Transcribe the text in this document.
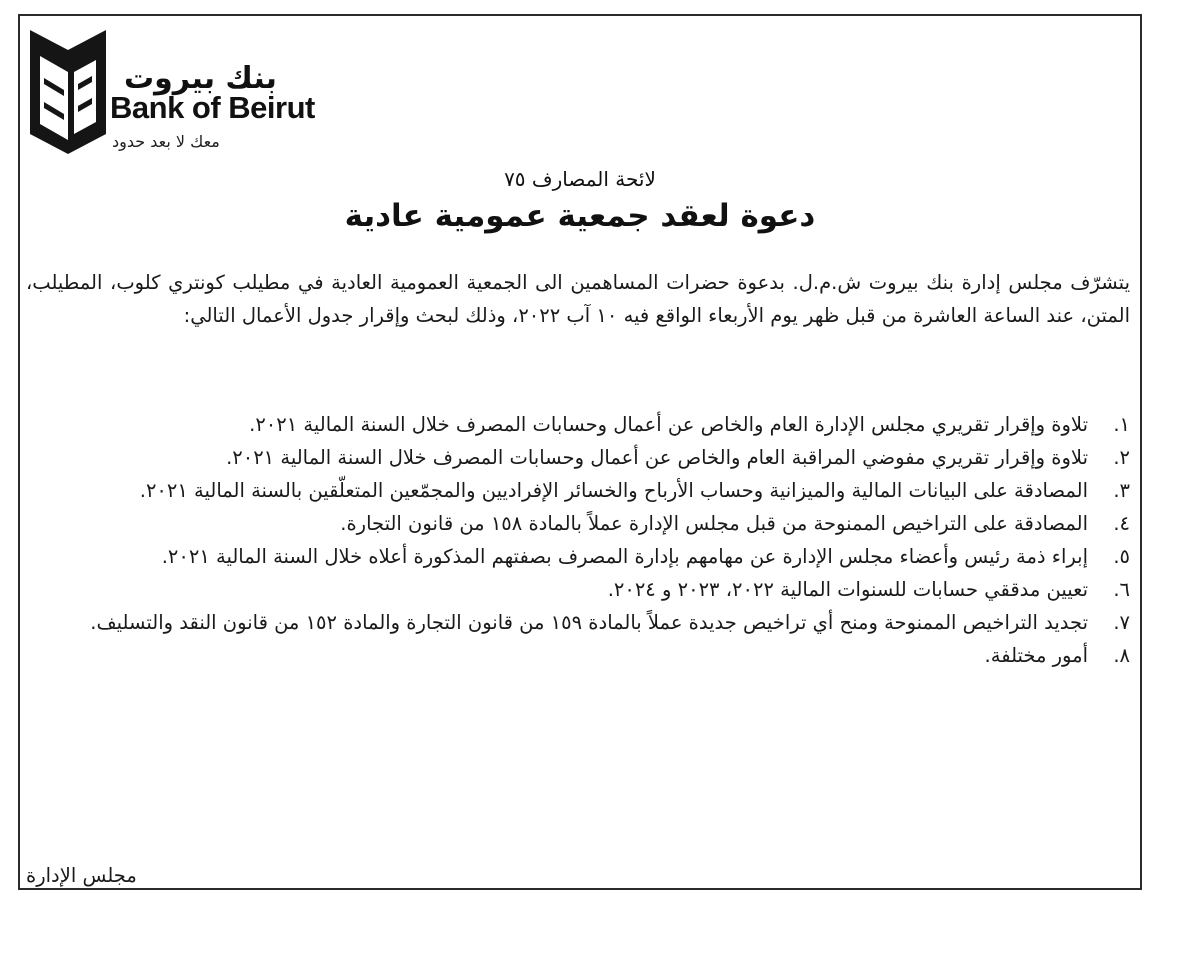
بنك بيروت
Bank of Beirut
معك لا بعد حدود
لائحة المصارف ٧٥
دعوة لعقد جمعية عمومية عادية
يتشرّف مجلس إدارة بنك بيروت ش.م.ل. بدعوة حضرات المساهمين الى الجمعية العمومية العادية في مطيلب كونتري كلوب، المطيلب، المتن، عند الساعة العاشرة من قبل ظهر يوم الأربعاء الواقع فيه ١٠ آب ٢٠٢٢، وذلك لبحث وإقرار جدول الأعمال التالي:
١.
تلاوة وإقرار تقريري مجلس الإدارة العام والخاص عن أعمال وحسابات المصرف خلال السنة المالية ٢٠٢١.
٢.
تلاوة وإقرار تقريري مفوضي المراقبة العام والخاص عن أعمال وحسابات المصرف خلال السنة المالية ٢٠٢١.
٣.
المصادقة على البيانات المالية والميزانية وحساب الأرباح والخسائر الإفراديين والمجمّعين المتعلّقين بالسنة المالية ٢٠٢١.
٤.
المصادقة على التراخيص الممنوحة من قبل مجلس الإدارة عملاً بالمادة ١٥٨ من قانون التجارة.
٥.
إبراء ذمة رئيس وأعضاء مجلس الإدارة عن مهامهم بإدارة المصرف بصفتهم المذكورة أعلاه خلال السنة المالية ٢٠٢١.
٦.
تعيين مدققي حسابات للسنوات المالية ٢٠٢٢، ٢٠٢٣ و ٢٠٢٤.
٧.
تجديد التراخيص الممنوحة ومنح أي تراخيص جديدة عملاً بالمادة ١٥٩ من قانون التجارة والمادة ١٥٢ من قانون النقد والتسليف.
٨.
أمور مختلفة.
مجلس الإدارة
